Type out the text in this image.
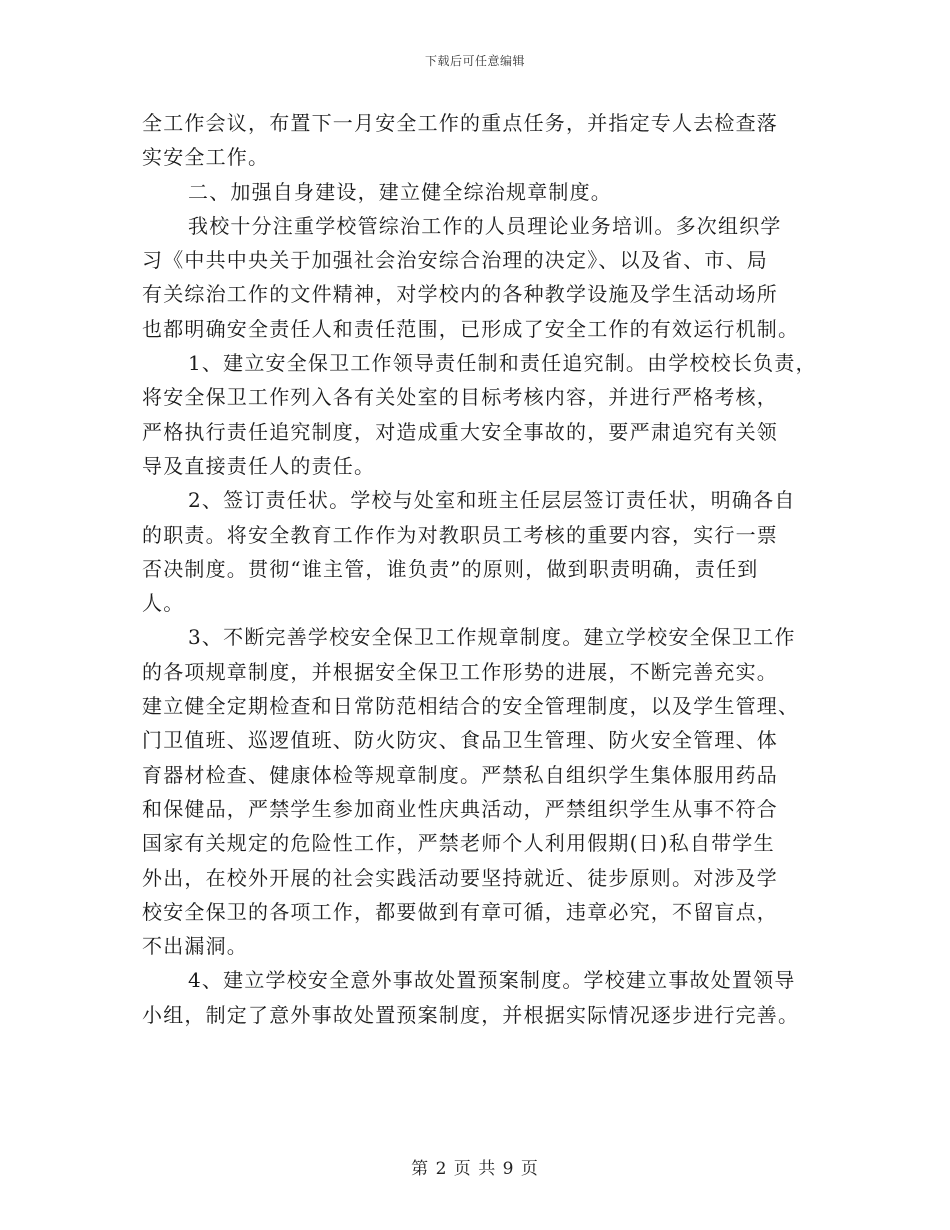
下载后可任意编辑
全工作会议，布置下一月安全工作的重点任务，并指定专人去检查落
实安全工作。
二、加强自身建设，建立健全综治规章制度。
我校十分注重学校管综治工作的人员理论业务培训。多次组织学
习《中共中央关于加强社会治安综合治理的决定》、以及省、市、局
有关综治工作的文件精神，对学校内的各种教学设施及学生活动场所
也都明确安全责任人和责任范围，已形成了安全工作的有效运行机制。
1、建立安全保卫工作领导责任制和责任追究制。由学校校长负责，
将安全保卫工作列入各有关处室的目标考核内容，并进行严格考核，
严格执行责任追究制度，对造成重大安全事故的，要严肃追究有关领
导及直接责任人的责任。
2、签订责任状。学校与处室和班主任层层签订责任状，明确各自
的职责。将安全教育工作作为对教职员工考核的重要内容，实行一票
否决制度。贯彻“谁主管，谁负责”的原则，做到职责明确，责任到
人。
3、不断完善学校安全保卫工作规章制度。建立学校安全保卫工作
的各项规章制度，并根据安全保卫工作形势的进展，不断完善充实。
建立健全定期检查和日常防范相结合的安全管理制度，以及学生管理、
门卫值班、巡逻值班、防火防灾、食品卫生管理、防火安全管理、体
育器材检查、健康体检等规章制度。严禁私自组织学生集体服用药品
和保健品，严禁学生参加商业性庆典活动，严禁组织学生从事不符合
国家有关规定的危险性工作，严禁老师个人利用假期(日)私自带学生
外出，在校外开展的社会实践活动要坚持就近、徒步原则。对涉及学
校安全保卫的各项工作，都要做到有章可循，违章必究，不留盲点，
不出漏洞。
4、建立学校安全意外事故处置预案制度。学校建立事故处置领导
小组，制定了意外事故处置预案制度，并根据实际情况逐步进行完善。
第 2 页 共 9 页
